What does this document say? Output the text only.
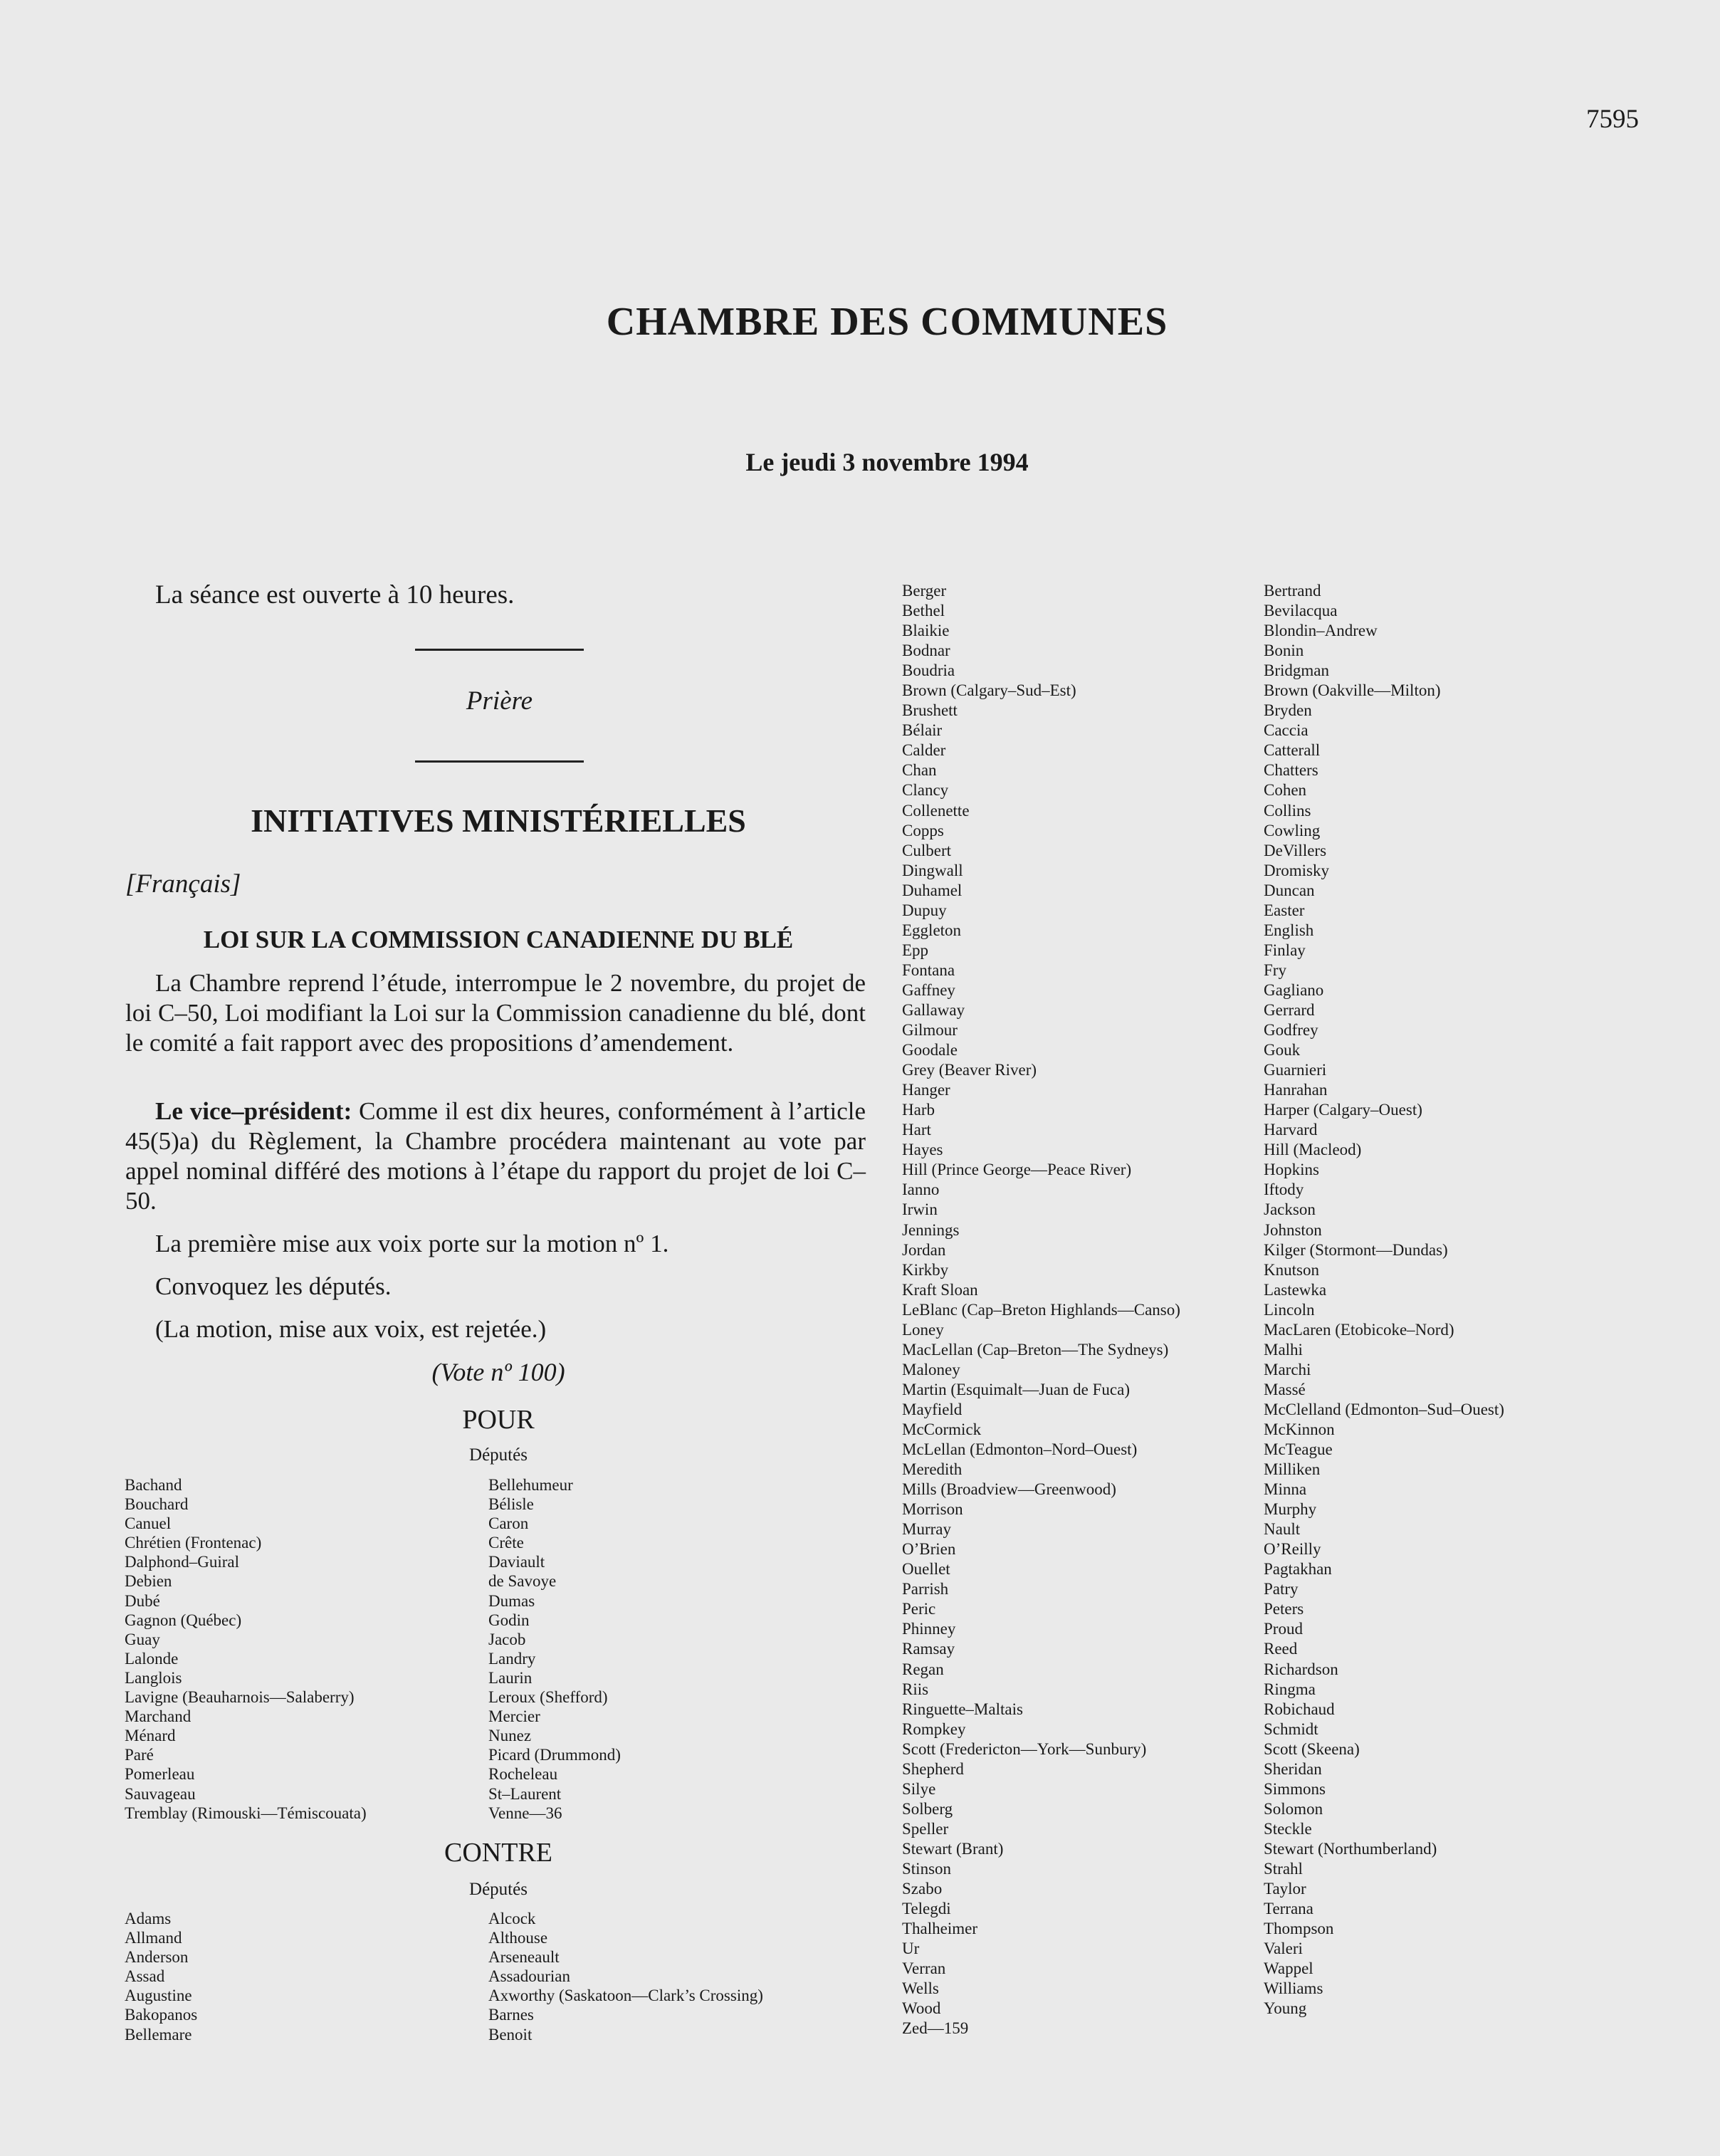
7595
CHAMBRE DES COMMUNES
Le jeudi 3 novembre 1994
La séance est ouverte à 10 heures.
Prière
INITIATIVES MINISTÉRIELLES
[Français]
LOI SUR LA COMMISSION CANADIENNE DU BLÉ
La Chambre reprend l’étude, interrompue le 2 novembre, du projet de loi C–50, Loi modifiant la Loi sur la Commission canadienne du blé, dont le comité a fait rapport avec des propositions d’amendement.
Le vice–président: Comme il est dix heures, conformément à l’article 45(5)a) du Règlement, la Chambre procédera maintenant au vote par appel nominal différé des motions à l’étape du rapport du projet de loi C–50.
La première mise aux voix porte sur la motion nº 1.
Convoquez les députés.
(La motion, mise aux voix, est rejetée.)
(Vote nº 100)
POUR
Députés
Bachand
Bouchard
Canuel
Chrétien (Frontenac)
Dalphond–Guiral
Debien
Dubé
Gagnon (Québec)
Guay
Lalonde
Langlois
Lavigne (Beauharnois—Salaberry)
Marchand
Ménard
Paré
Pomerleau
Sauvageau
Tremblay (Rimouski—Témiscouata)
Bellehumeur
Bélisle
Caron
Crête
Daviault
de Savoye
Dumas
Godin
Jacob
Landry
Laurin
Leroux (Shefford)
Mercier
Nunez
Picard (Drummond)
Rocheleau
St–Laurent
Venne—36
CONTRE
Députés
Adams
Allmand
Anderson
Assad
Augustine
Bakopanos
Bellemare
Alcock
Althouse
Arseneault
Assadourian
Axworthy (Saskatoon—Clark’s Crossing)
Barnes
Benoit
Berger
Bethel
Blaikie
Bodnar
Boudria
Brown (Calgary–Sud–Est)
Brushett
Bélair
Calder
Chan
Clancy
Collenette
Copps
Culbert
Dingwall
Duhamel
Dupuy
Eggleton
Epp
Fontana
Gaffney
Gallaway
Gilmour
Goodale
Grey (Beaver River)
Hanger
Harb
Hart
Hayes
Hill (Prince George—Peace River)
Ianno
Irwin
Jennings
Jordan
Kirkby
Kraft Sloan
LeBlanc (Cap–Breton Highlands—Canso)
Loney
MacLellan (Cap–Breton—The Sydneys)
Maloney
Martin (Esquimalt—Juan de Fuca)
Mayfield
McCormick
McLellan (Edmonton–Nord–Ouest)
Meredith
Mills (Broadview—Greenwood)
Morrison
Murray
O’Brien
Ouellet
Parrish
Peric
Phinney
Ramsay
Regan
Riis
Ringuette–Maltais
Rompkey
Scott (Fredericton—York—Sunbury)
Shepherd
Silye
Solberg
Speller
Stewart (Brant)
Stinson
Szabo
Telegdi
Thalheimer
Ur
Verran
Wells
Wood
Zed—159
Bertrand
Bevilacqua
Blondin–Andrew
Bonin
Bridgman
Brown (Oakville—Milton)
Bryden
Caccia
Catterall
Chatters
Cohen
Collins
Cowling
DeVillers
Dromisky
Duncan
Easter
English
Finlay
Fry
Gagliano
Gerrard
Godfrey
Gouk
Guarnieri
Hanrahan
Harper (Calgary–Ouest)
Harvard
Hill (Macleod)
Hopkins
Iftody
Jackson
Johnston
Kilger (Stormont—Dundas)
Knutson
Lastewka
Lincoln
MacLaren (Etobicoke–Nord)
Malhi
Marchi
Massé
McClelland (Edmonton–Sud–Ouest)
McKinnon
McTeague
Milliken
Minna
Murphy
Nault
O’Reilly
Pagtakhan
Patry
Peters
Proud
Reed
Richardson
Ringma
Robichaud
Schmidt
Scott (Skeena)
Sheridan
Simmons
Solomon
Steckle
Stewart (Northumberland)
Strahl
Taylor
Terrana
Thompson
Valeri
Wappel
Williams
Young
